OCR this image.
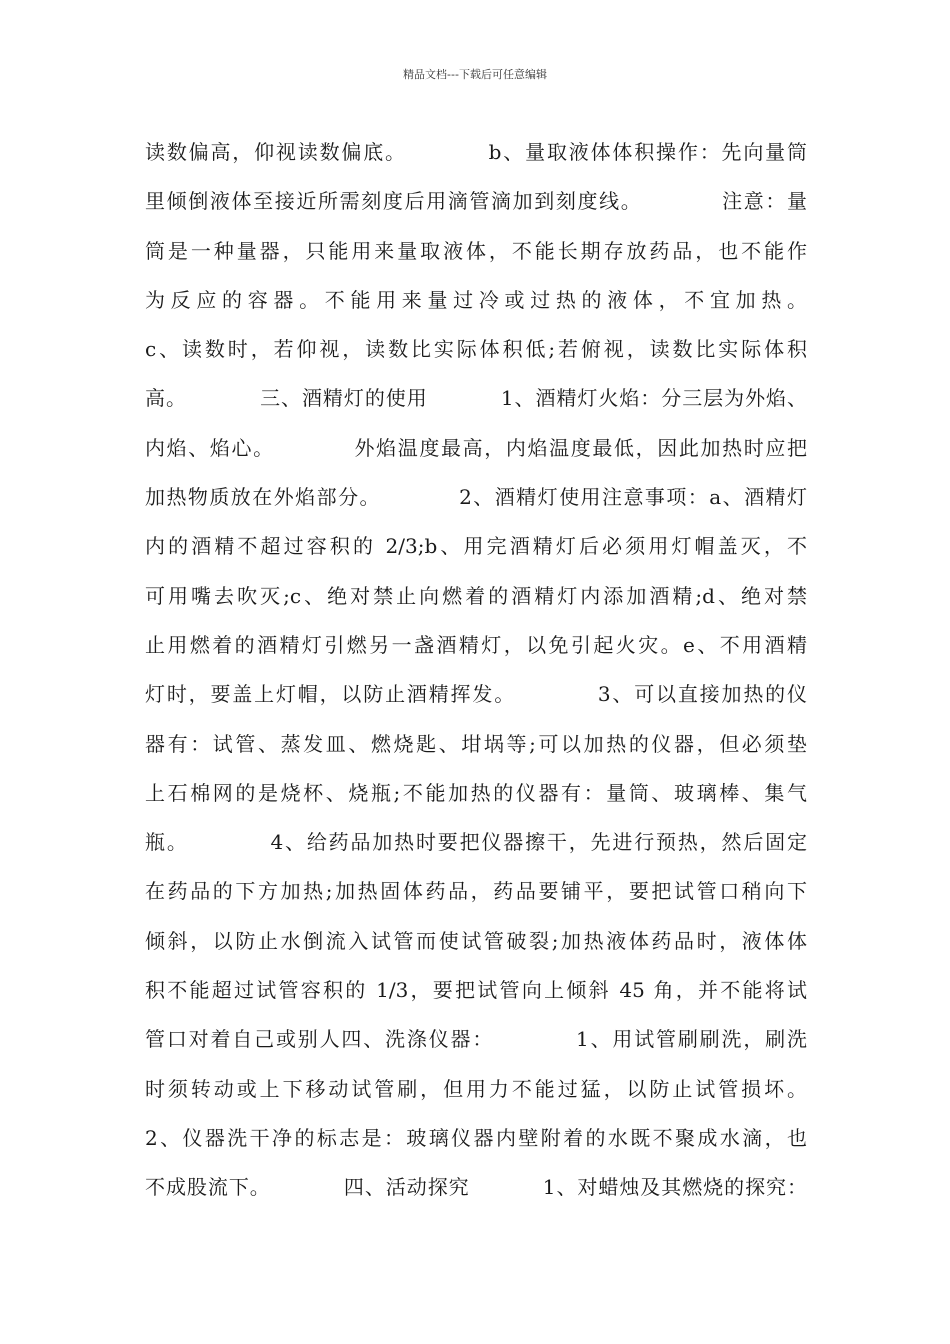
精品文档---下载后可任意编辑
读数偏高，仰视读数偏底。          b、量取液体体积操作：先向量筒
里倾倒液体至接近所需刻度后用滴管滴加到刻度线。          注意：量
筒是一种量器，只能用来量取液体，不能长期存放药品，也不能作
为反应的容器。不能用来量过冷或过热的液体，不宜加热。
c、读数时，若仰视，读数比实际体积低;若俯视，读数比实际体积
高。          三、酒精灯的使用          1、酒精灯火焰：分三层为外焰、
内焰、焰心。          外焰温度最高，内焰温度最低，因此加热时应把
加热物质放在外焰部分。          2、酒精灯使用注意事项：a、酒精灯
内的酒精不超过容积的 2/3;b、用完酒精灯后必须用灯帽盖灭，不
可用嘴去吹灭;c、绝对禁止向燃着的酒精灯内添加酒精;d、绝对禁
止用燃着的酒精灯引燃另一盏酒精灯，以免引起火灾。e、不用酒精
灯时，要盖上灯帽，以防止酒精挥发。          3、可以直接加热的仪
器有：试管、蒸发皿、燃烧匙、坩埚等;可以加热的仪器，但必须垫
上石棉网的是烧杯、烧瓶;不能加热的仪器有：量筒、玻璃棒、集气
瓶。          4、给药品加热时要把仪器擦干，先进行预热，然后固定
在药品的下方加热;加热固体药品，药品要铺平，要把试管口稍向下
倾斜，以防止水倒流入试管而使试管破裂;加热液体药品时，液体体
积不能超过试管容积的 1/3，要把试管向上倾斜 45 角，并不能将试
管口对着自己或别人四、洗涤仪器：          1、用试管刷刷洗，刷洗
时须转动或上下移动试管刷，但用力不能过猛，以防止试管损坏。
2、仪器洗干净的标志是：玻璃仪器内壁附着的水既不聚成水滴，也
不成股流下。          四、活动探究          1、对蜡烛及其燃烧的探究：
